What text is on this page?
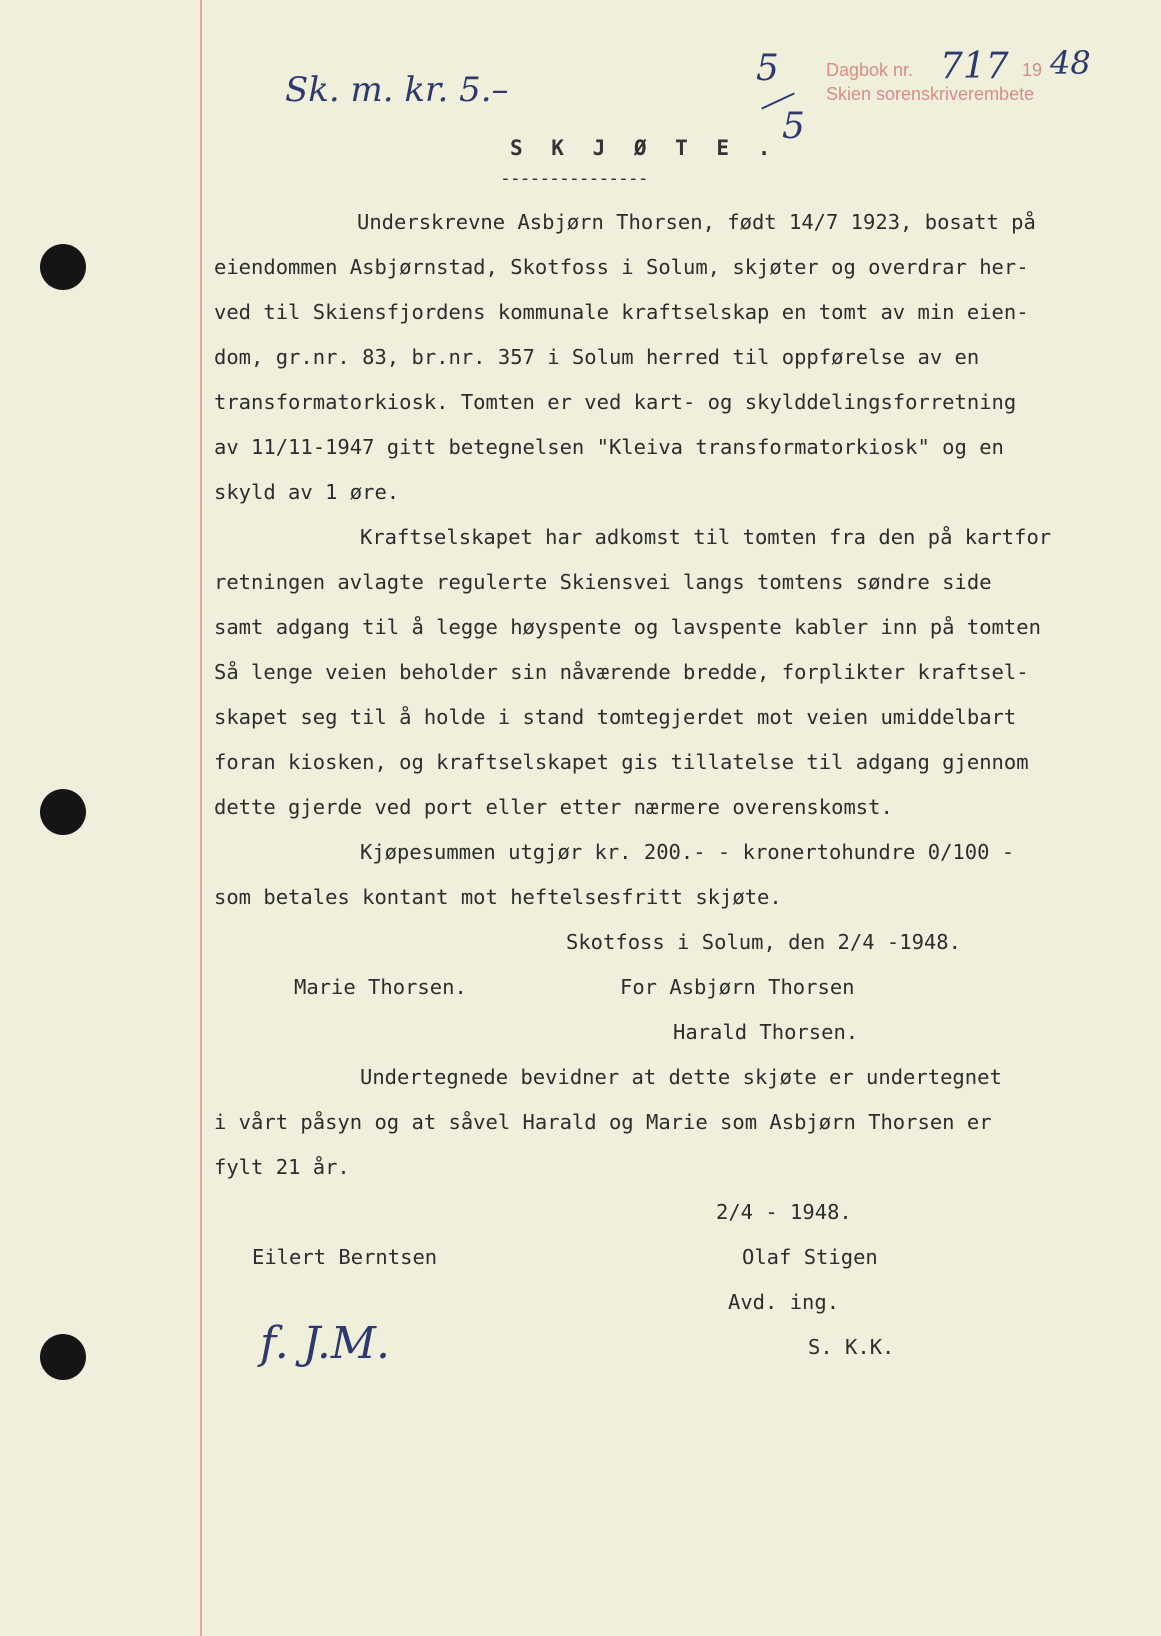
Sk. m. kr. 5.–
5
5
Dagbok nr. 717 19 48
Skien sorenskriverembete
S K J Ø T E .
---------------
Underskrevne Asbjørn Thorsen, født 14/7 1923, bosatt på
eiendommen Asbjørnstad, Skotfoss i Solum, skjøter og overdrar her-
ved til Skiensfjordens kommunale kraftselskap en tomt av min eien-
dom, gr.nr. 83, br.nr. 357 i Solum herred til oppførelse av en
transformatorkiosk. Tomten er ved kart- og skylddelingsforretning
av 11/11-1947 gitt betegnelsen "Kleiva transformatorkiosk" og en
skyld av 1 øre.
Kraftselskapet har adkomst til tomten fra den på kartfor
retningen avlagte regulerte Skiensvei langs tomtens søndre side
samt adgang til å legge høyspente og lavspente kabler inn på tomten
Så lenge veien beholder sin nåværende bredde, forplikter kraftsel-
skapet seg til å holde i stand tomtegjerdet mot veien umiddelbart
foran kiosken, og kraftselskapet gis tillatelse til adgang gjennom
dette gjerde ved port eller etter nærmere overenskomst.
Kjøpesummen utgjør kr. 200.- - kronertohundre 0/100 -
som betales kontant mot heftelsesfritt skjøte.
Skotfoss i Solum, den 2/4 -1948.
Marie Thorsen.	For Asbjørn Thorsen
Harald Thorsen.
Undertegnede bevidner at dette skjøte er undertegnet
i vårt påsyn og at såvel Harald og Marie som Asbjørn Thorsen er
fylt 21 år.
2/4 - 1948.
Eilert Berntsen	Olaf Stigen
Avd. ing.
S. K.K.
f. J.M.
